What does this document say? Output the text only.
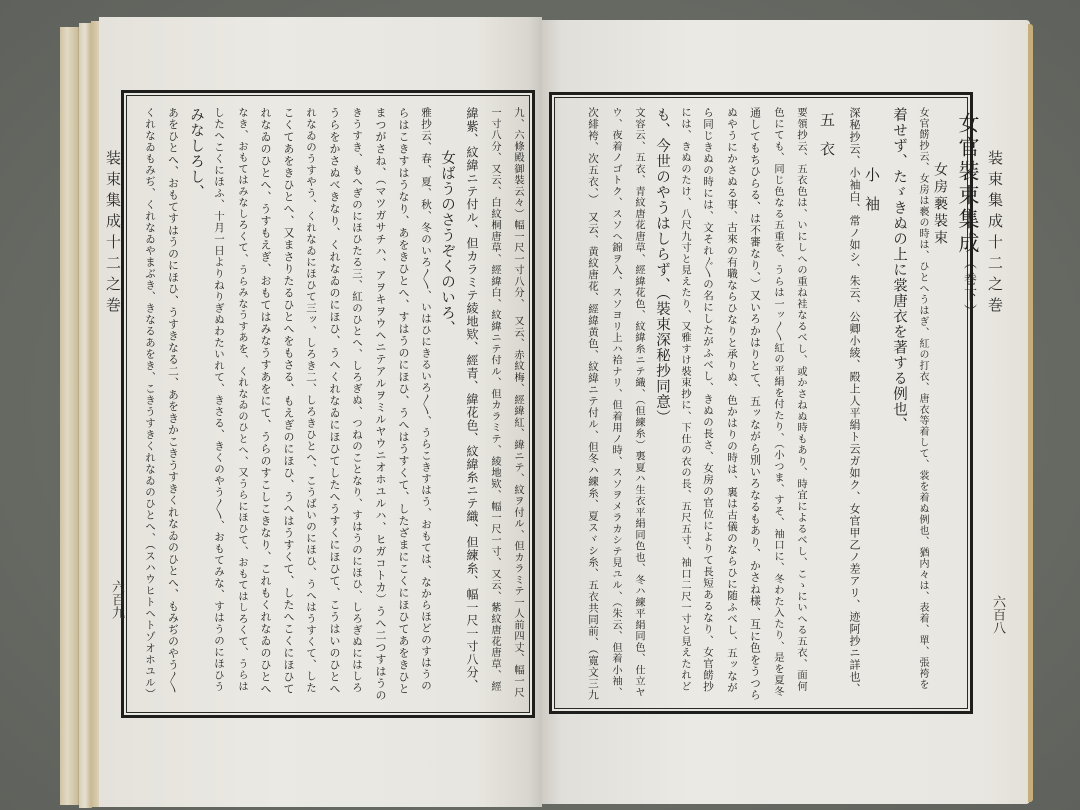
装束集成十二之巻
六百九	九、六條殿御裝云々）幅一尺一寸八分、　又云、赤紋梅、經緯紅、緯ニテ、紋ヲ付ル、但カラミテ一人前四丈、幅一尺
一寸八分、又云、白紋桐唐草、經緯白、紋緯ニテ付ル、但カラミテ、綾地欵、幅一尺一寸、又云、紫紋唐花唐草、經
緯紫、紋緯ニテ付ル、但カラミテ綾地欵、經青、緯花色、紋緯糸ニテ織、但練糸、幅一尺一寸八分、
女ばうのさうぞくのいろ、
雅抄云、春、夏、秋、冬のいろ〳〵、いはひにきるいろ〳〵、うらこきすはう、おもては、なからほどのすはうの
らはこきすはうなり、あをきひとへ、すはうのにほひ、うへはうすくて、したざまにこくにほひてあをきひと
まつがさね、（マツガサチハ、アヲキヲウヘニテアルヲミルヤウニオホユルハ、ヒガコトカ）うへ二つすはうの
きうすき、もへぎのにほひたる三、紅のひとへ、しろぎぬ、つねのことなり、すはうのにほひ、しろぎぬにはしろ
うらをかさぬべきなり、くれなゐのにほひ、うへくれなゐにほひてしたへうすくにほひて、こうはいのひとへ
れなゐのうすやう、くれなゐにほひて三ッ、しろき二、しろきひとへ、こうばいのにほひ、うへはうすくて、した
こくてあをきひとへ、又まさりたるひとへをもさる、もえぎのにほひ、うへはうすくて、したへこくにほひて
れなゐのひとへ、うすもえぎ、おもてはみなうすあをにて、うらのすこしこきなり、これもくれなゐのひとへ
なき、おもてはみなしろくて、うらみなうすあを、くれなゐのひとへ、又うらにほひて、おもてはしろくて、うらは
したへこくにほふ、十月一日よりねりぎぬわたいれて、きさる、きくのやう〳〵、おもてみな、すはうのにほひう
みなしろし、
あをひとへ、おもてすはうのにほひ、うすきなる二、あをきかこきうすきくれなゐのひとへ、もみぢのやう〳〵
くれなゐもみぢ、くれなゐやまぶき、きなるあをき、こきうすきくれなゐのひとへ、（スハウヒトヘトゾオホユル）	装束集成十二之巻
六百八
女官裝束集成（巻下）
女房褻裝束
女官餝抄云、女房は褻の時は、ひとへうはぎ、紅の打衣、唐衣等着して、裳を着ぬ例也、猶内々は、表着、單、張袴を
着せず、たゞきぬの上に裳唐衣を著する例也、
小袖
深秘抄云、小袖白、常ノ如シ、朱云、公卿小綾、殿上人平絹ト云ガ如ク、女官甲乙ノ差アリ、迹阿抄ニ詳也、
五衣
要領抄云、五衣色は、いにしへの重ね袿なるべし、或かさねぬ時もあり、時宜によるべし、こゝにいへる五衣、面何
色にても、同じ色なる五重を、うらは一ッ〳〵紅の平絹を付たり、（小つま、すそ、袖口に、冬わた入たり、是を夏冬
通してもちひらる、は不審なり、）又いろかはりとて、五ッながら別いろなるもあり、かさね様、互に色をうつら
ぬやうにかさぬる事、古來の有職ならひなりと承りぬ、色かはりの時は、裏は古儀のならひに随ふべし、五ッなが
ら同じきぬの時には、文それ〴〵の名にしたがふべし、きぬの長さ、女房の官位によりて長短あるなり、女官餝抄
には、きぬのたけ、八尺九寸と見えたり、又雅すけ裝束抄に、下仕の衣の長、五尺五寸、袖口二尺一寸と見えたれど
も、今世のやうはしらず、（裝束深秘抄同意）
文容云、五衣、青紋唐花唐草、經緯花色、紋緯糸ニテ織、（但練糸）裏夏ハ生衣平絹同色也、冬ハ練平絹同色、仕立ヤ
ウ、夜着ノゴトク、スソヘ錦ヲ入、スソヨリ上ハ袷ナリ、但着用ノ時、スソヲメラカシテ見ユル、（朱云、但着小袖、
次緋袴、次五衣、）　又云、黄紋唐花、經緯黄色、紋緯ニテ付ル、但冬ハ練糸、夏スヾシ糸、五衣共同前、（寛文三九
